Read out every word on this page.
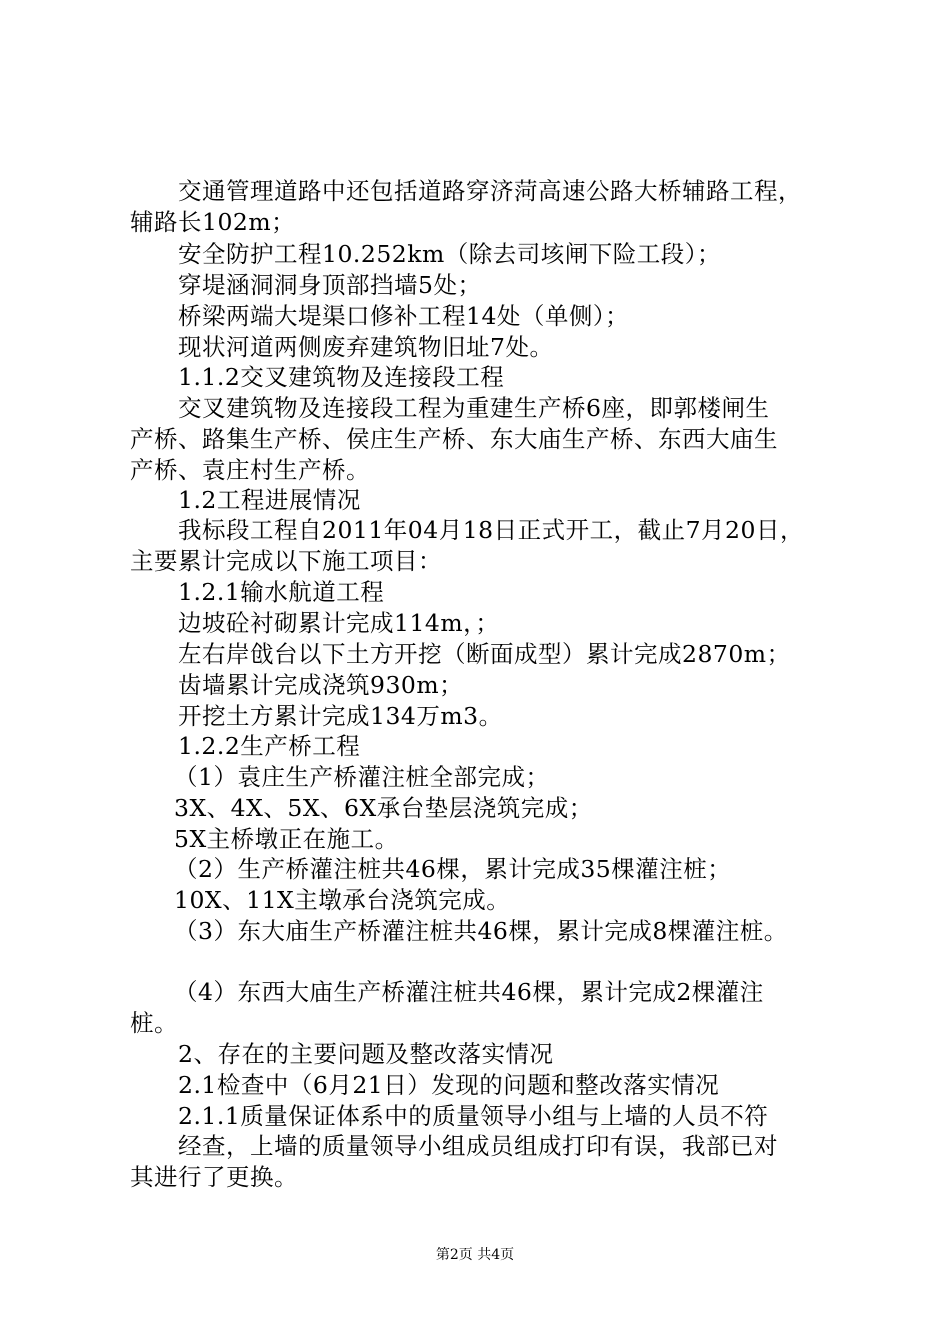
交通管理道路中还包括道路穿济菏高速公路大桥辅路工程，
辅路长102m；
安全防护工程10.252km（除去司垓闸下险工段）；
穿堤涵洞洞身顶部挡墙5处；
桥梁两端大堤渠口修补工程14处（单侧）；
现状河道两侧废弃建筑物旧址7处。
1.1.2交叉建筑物及连接段工程
交叉建筑物及连接段工程为重建生产桥6座，即郭楼闸生
产桥、路集生产桥、侯庄生产桥、东大庙生产桥、东西大庙生
产桥、袁庄村生产桥。
1.2工程进展情况
我标段工程自2011年04月18日正式开工，截止7月20日，
主要累计完成以下施工项目：
1.2.1输水航道工程
边坡砼衬砌累计完成114m，；
左右岸戗台以下土方开挖（断面成型）累计完成2870m；
齿墙累计完成浇筑930m；
开挖土方累计完成134万m3。
1.2.2生产桥工程
（1）袁庄生产桥灌注桩全部完成；
3X、4X、5X、6X承台垫层浇筑完成；
5X主桥墩正在施工。
（2）生产桥灌注桩共46棵，累计完成35棵灌注桩；
10X、11X主墩承台浇筑完成。
（3）东大庙生产桥灌注桩共46棵，累计完成8棵灌注桩。
（4）东西大庙生产桥灌注桩共46棵，累计完成2棵灌注
桩。
2、存在的主要问题及整改落实情况
2.1检查中（6月21日）发现的问题和整改落实情况
2.1.1质量保证体系中的质量领导小组与上墙的人员不符
经查，上墙的质量领导小组成员组成打印有误，我部已对
其进行了更换。
第2页 共4页
